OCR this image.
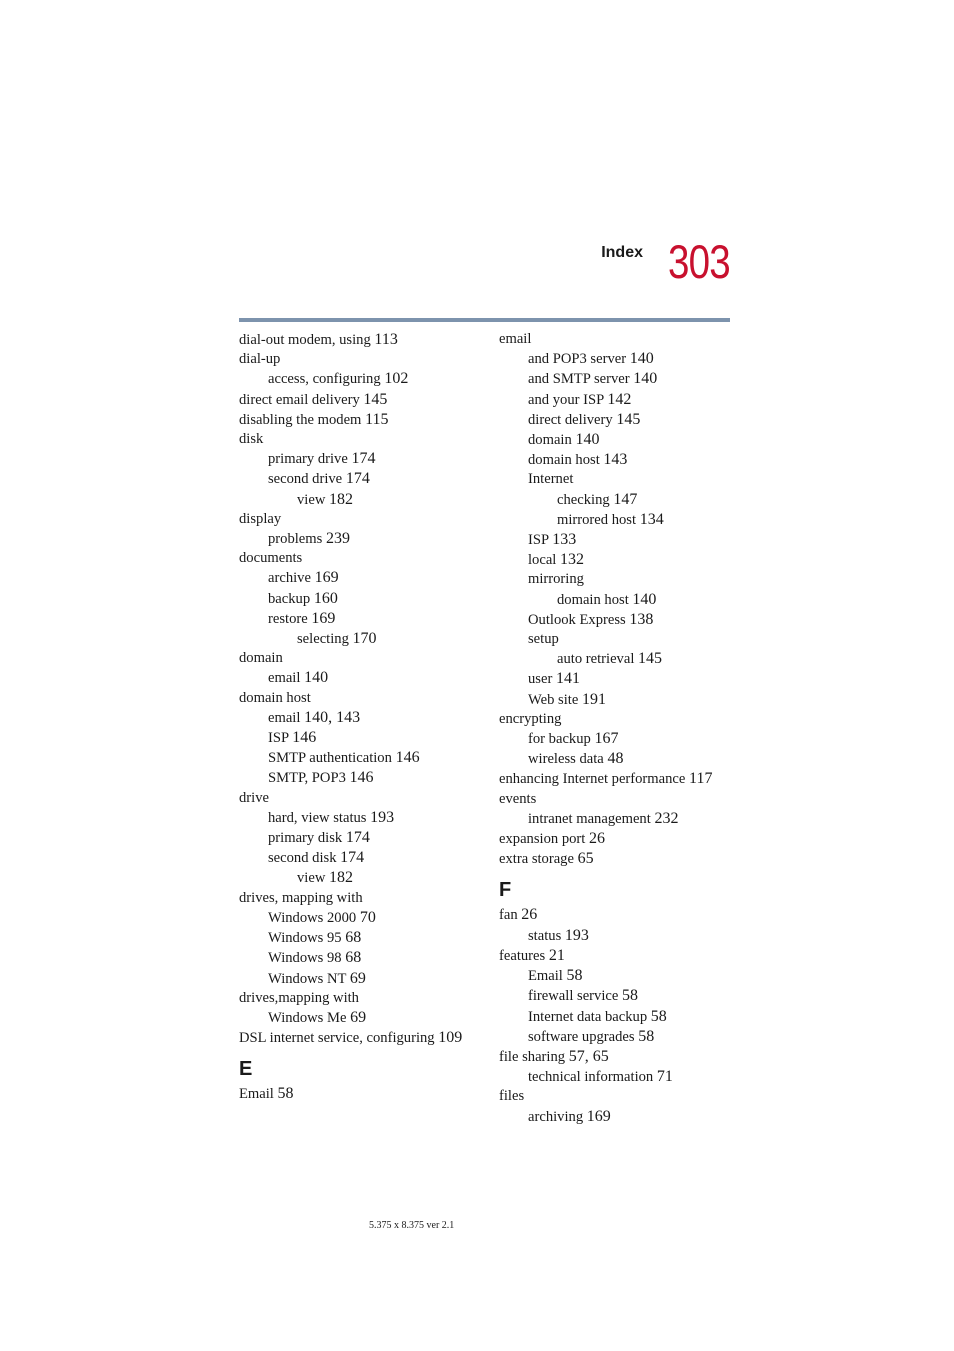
Index 303
dial-out modem, using 113
dial-up
access, configuring 102
direct email delivery 145
disabling the modem 115
disk
primary drive 174
second drive 174
view 182
display
problems 239
documents
archive 169
backup 160
restore 169
selecting 170
domain
email 140
domain host
email 140, 143
ISP 146
SMTP authentication 146
SMTP, POP3 146
drive
hard, view status 193
primary disk 174
second disk 174
view 182
drives, mapping with
Windows 2000 70
Windows 95 68
Windows 98 68
Windows NT 69
drives,mapping with
Windows Me 69
DSL internet service, configuring 109
E
Email 58
email
and POP3 server 140
and SMTP server 140
and your ISP 142
direct delivery 145
domain 140
domain host 143
Internet
checking 147
mirrored host 134
ISP 133
local 132
mirroring
domain host 140
Outlook Express 138
setup
auto retrieval 145
user 141
Web site 191
encrypting
for backup 167
wireless data 48
enhancing Internet performance 117
events
intranet management 232
expansion port 26
extra storage 65
F
fan 26
status 193
features 21
Email 58
firewall service 58
Internet data backup 58
software upgrades 58
file sharing 57, 65
technical information 71
files
archiving 169
5.375 x 8.375 ver 2.1
